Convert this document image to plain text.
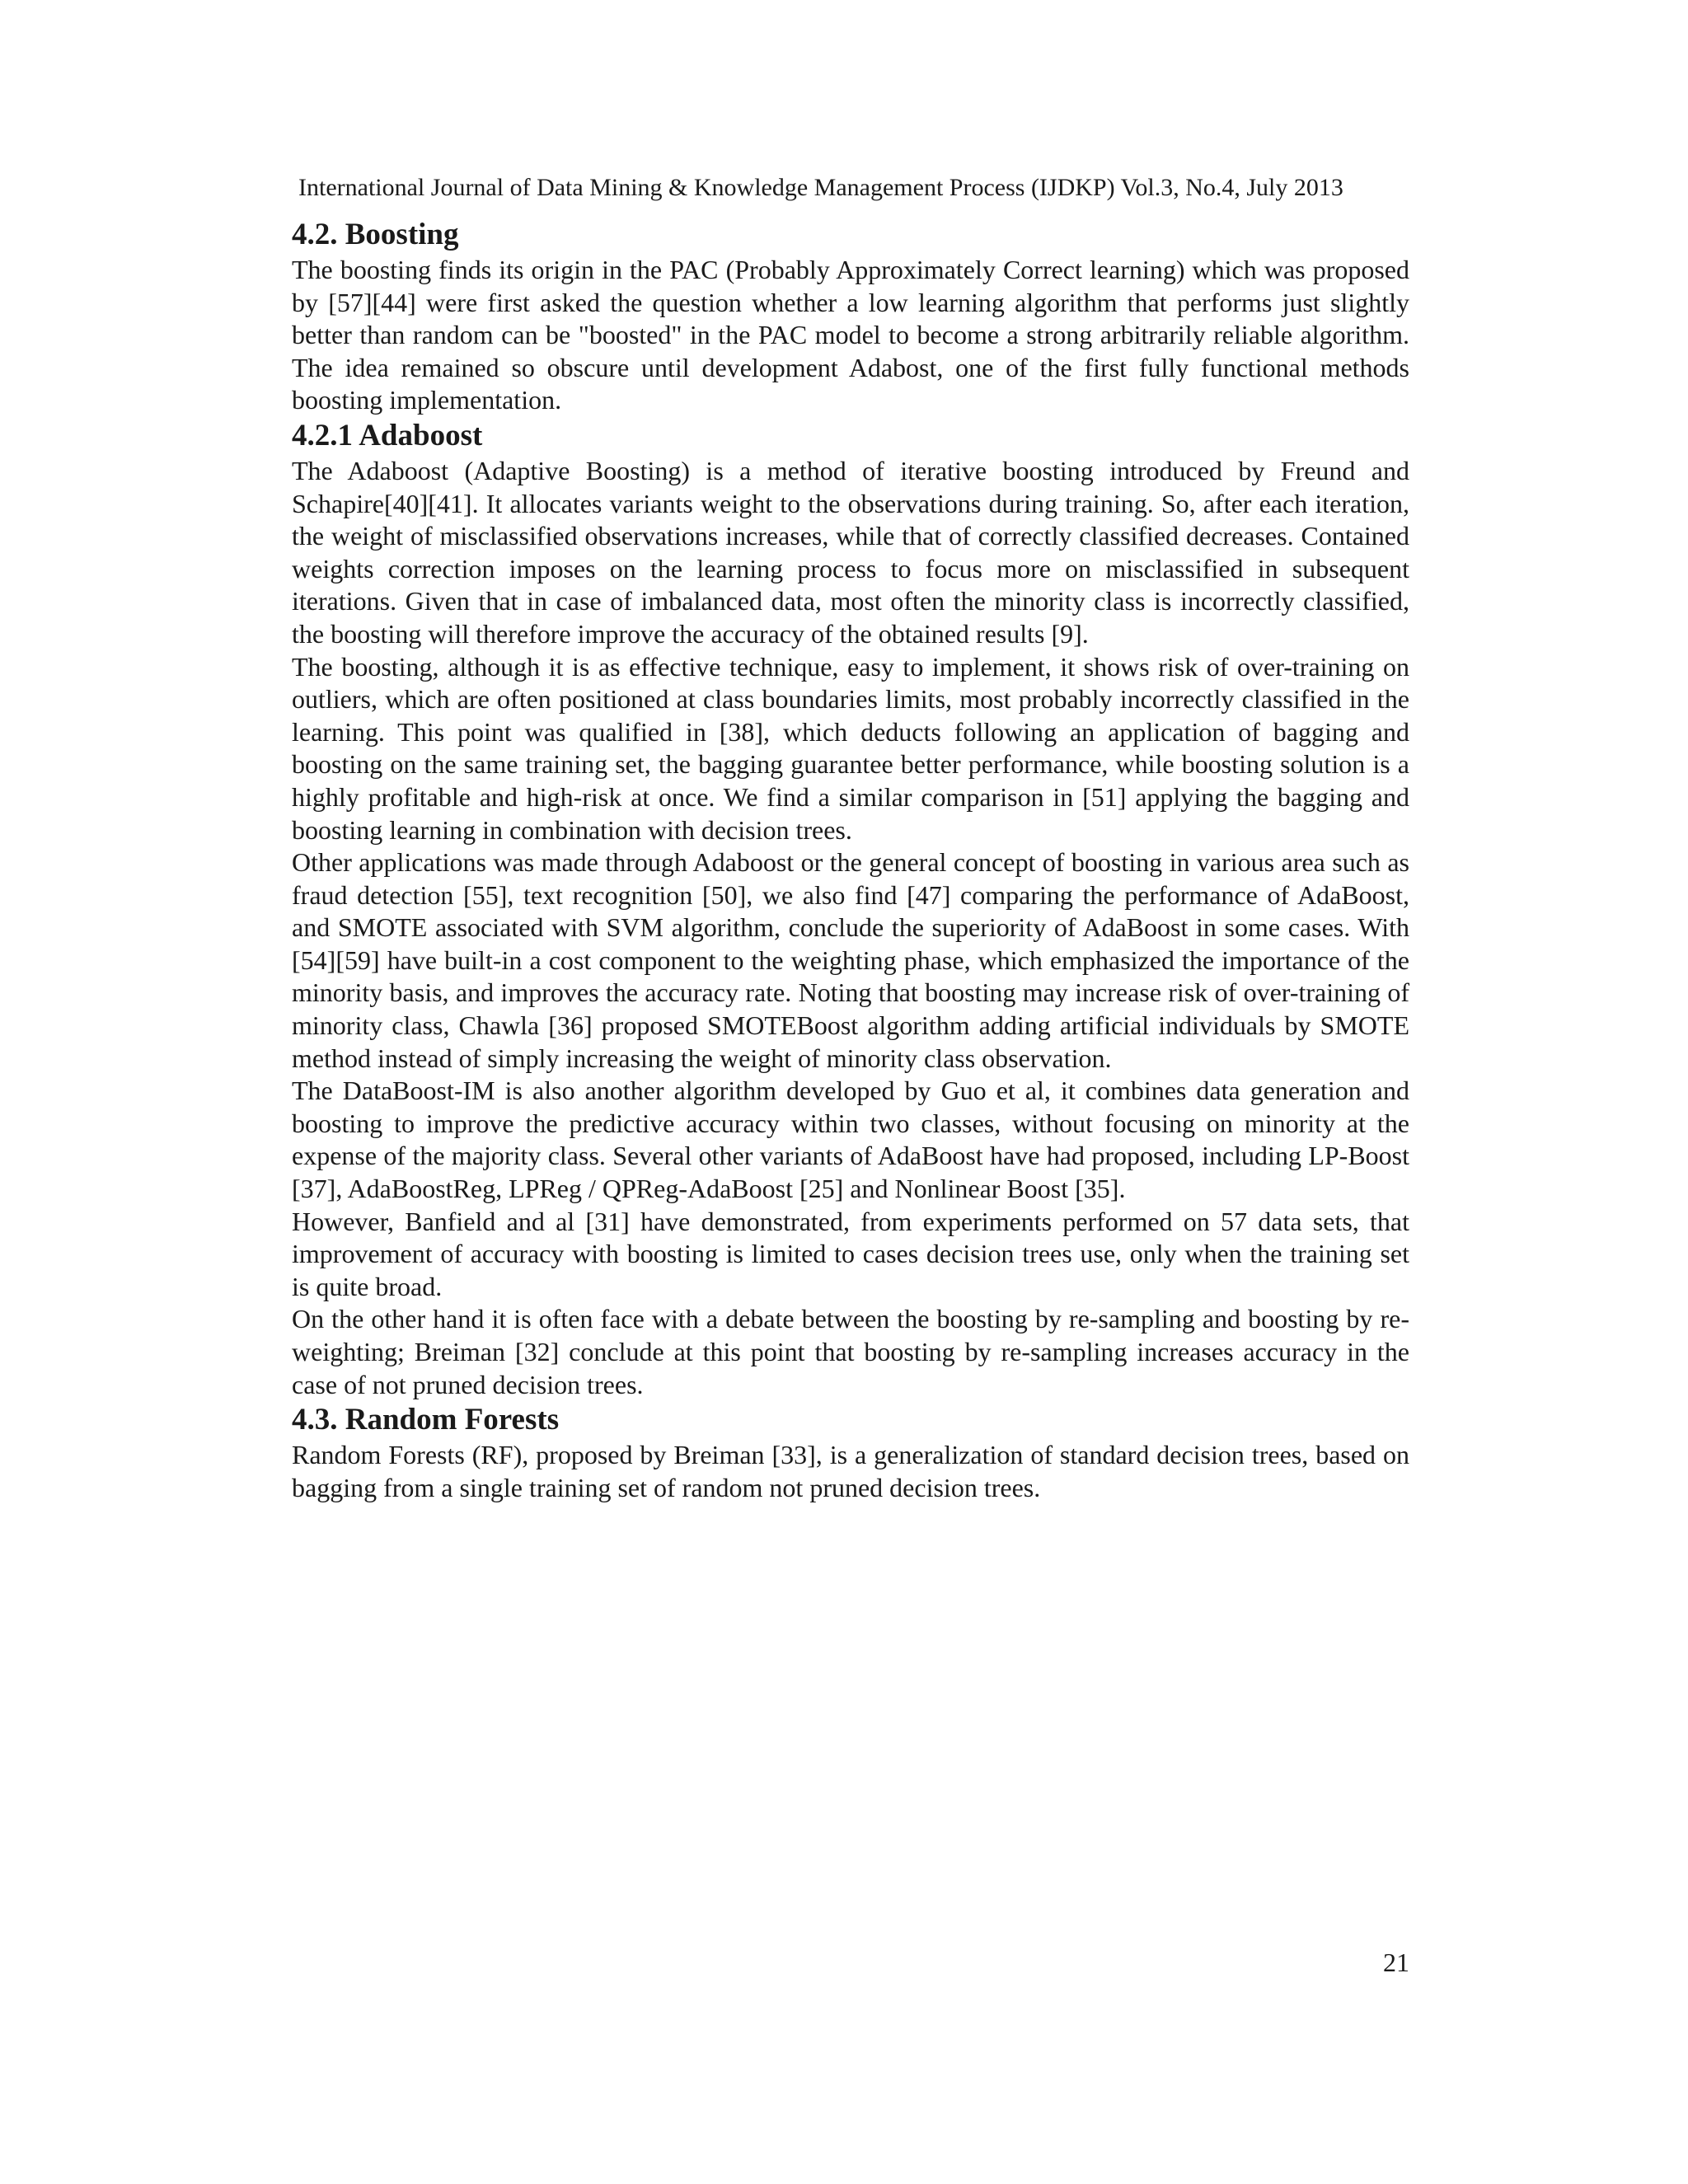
International Journal of Data Mining & Knowledge Management Process (IJDKP) Vol.3, No.4, July 2013
4.2. Boosting

The boosting finds its origin in the PAC (Probably Approximately Correct learning) which was proposed by [57][44] were first asked the question whether a low learning algorithm that performs just slightly better than random can be "boosted" in the PAC model to become a strong arbitrarily reliable algorithm. The idea remained so obscure until development Adabost, one of the first fully functional methods boosting implementation.

4.2.1 Adaboost

The Adaboost (Adaptive Boosting) is a method of iterative boosting introduced by Freund and Schapire[40][41]. It allocates variants weight to the observations during training. So, after each iteration, the weight of misclassified observations increases, while that of correctly classified decreases. Contained weights correction imposes on the learning process to focus more on misclassified in subsequent iterations. Given that in case of imbalanced data, most often the minority class is incorrectly classified, the boosting will therefore improve the accuracy of the obtained results [9].

The boosting, although it is as effective technique, easy to implement, it shows risk of over-training on outliers, which are often positioned at class boundaries limits, most probably incorrectly classified in the learning. This point was qualified in [38], which deducts following an application of bagging and boosting on the same training set, the bagging guarantee better performance, while boosting solution is a highly profitable and high-risk at once. We find a similar comparison in [51] applying the bagging and boosting learning in combination with decision trees.

Other applications was made through Adaboost or the general concept of boosting in various area such as fraud detection [55], text recognition [50], we also find [47] comparing the performance of AdaBoost, and SMOTE associated with SVM algorithm, conclude the superiority of AdaBoost in some cases. With [54][59] have built-in a cost component to the weighting phase, which emphasized the importance of the minority basis, and improves the accuracy rate. Noting that boosting may increase risk of over-training of minority class, Chawla [36] proposed SMOTEBoost algorithm adding artificial individuals by SMOTE method instead of simply increasing the weight of minority class observation.

The DataBoost-IM is also another algorithm developed by Guo et al, it combines data generation and boosting to improve the predictive accuracy within two classes, without focusing on minority at the expense of the majority class. Several other variants of AdaBoost have had proposed, including LP-Boost [37], AdaBoostReg, LPReg / QPReg-AdaBoost [25] and Nonlinear Boost [35].

However, Banfield and al [31] have demonstrated, from experiments performed on 57 data sets, that improvement of accuracy with boosting is limited to cases decision trees use, only when the training set is quite broad.

On the other hand it is often face with a debate between the boosting by re-sampling and boosting by re-weighting; Breiman [32] conclude at this point that boosting by re-sampling increases accuracy in the case of not pruned decision trees.

4.3. Random Forests

Random Forests (RF), proposed by Breiman [33], is a generalization of standard decision trees, based on bagging from a single training set of random not pruned decision trees.

21
